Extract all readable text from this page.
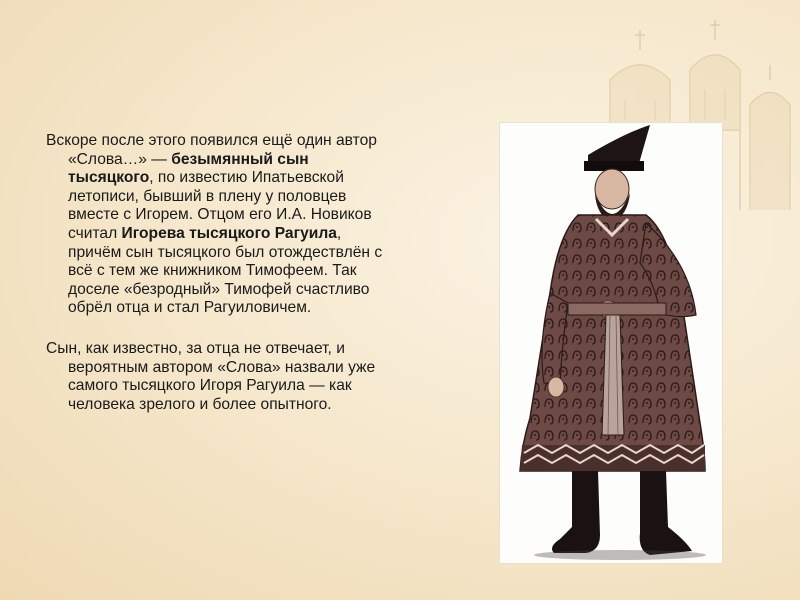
Вскоре после этого появился ещё один автор «Слова…» — безымянный сын тысяцкого, по известию Ипатьевской летописи, бывший в плену у половцев вместе с Игорем. Отцом его И.А. Новиков считал Игорева тысяцкого Рагуила, причём сын тысяцкого был отождествлён с всё с тем же книжником Тимофеем. Так доселе «безродный» Тимофей счастливо обрёл отца и стал Рагуиловичем.

Сын, как известно, за отца не отвечает, и вероятным автором «Слова» назвали уже самого тысяцкого Игоря Рагуила — как человека зрелого и более опытного.
